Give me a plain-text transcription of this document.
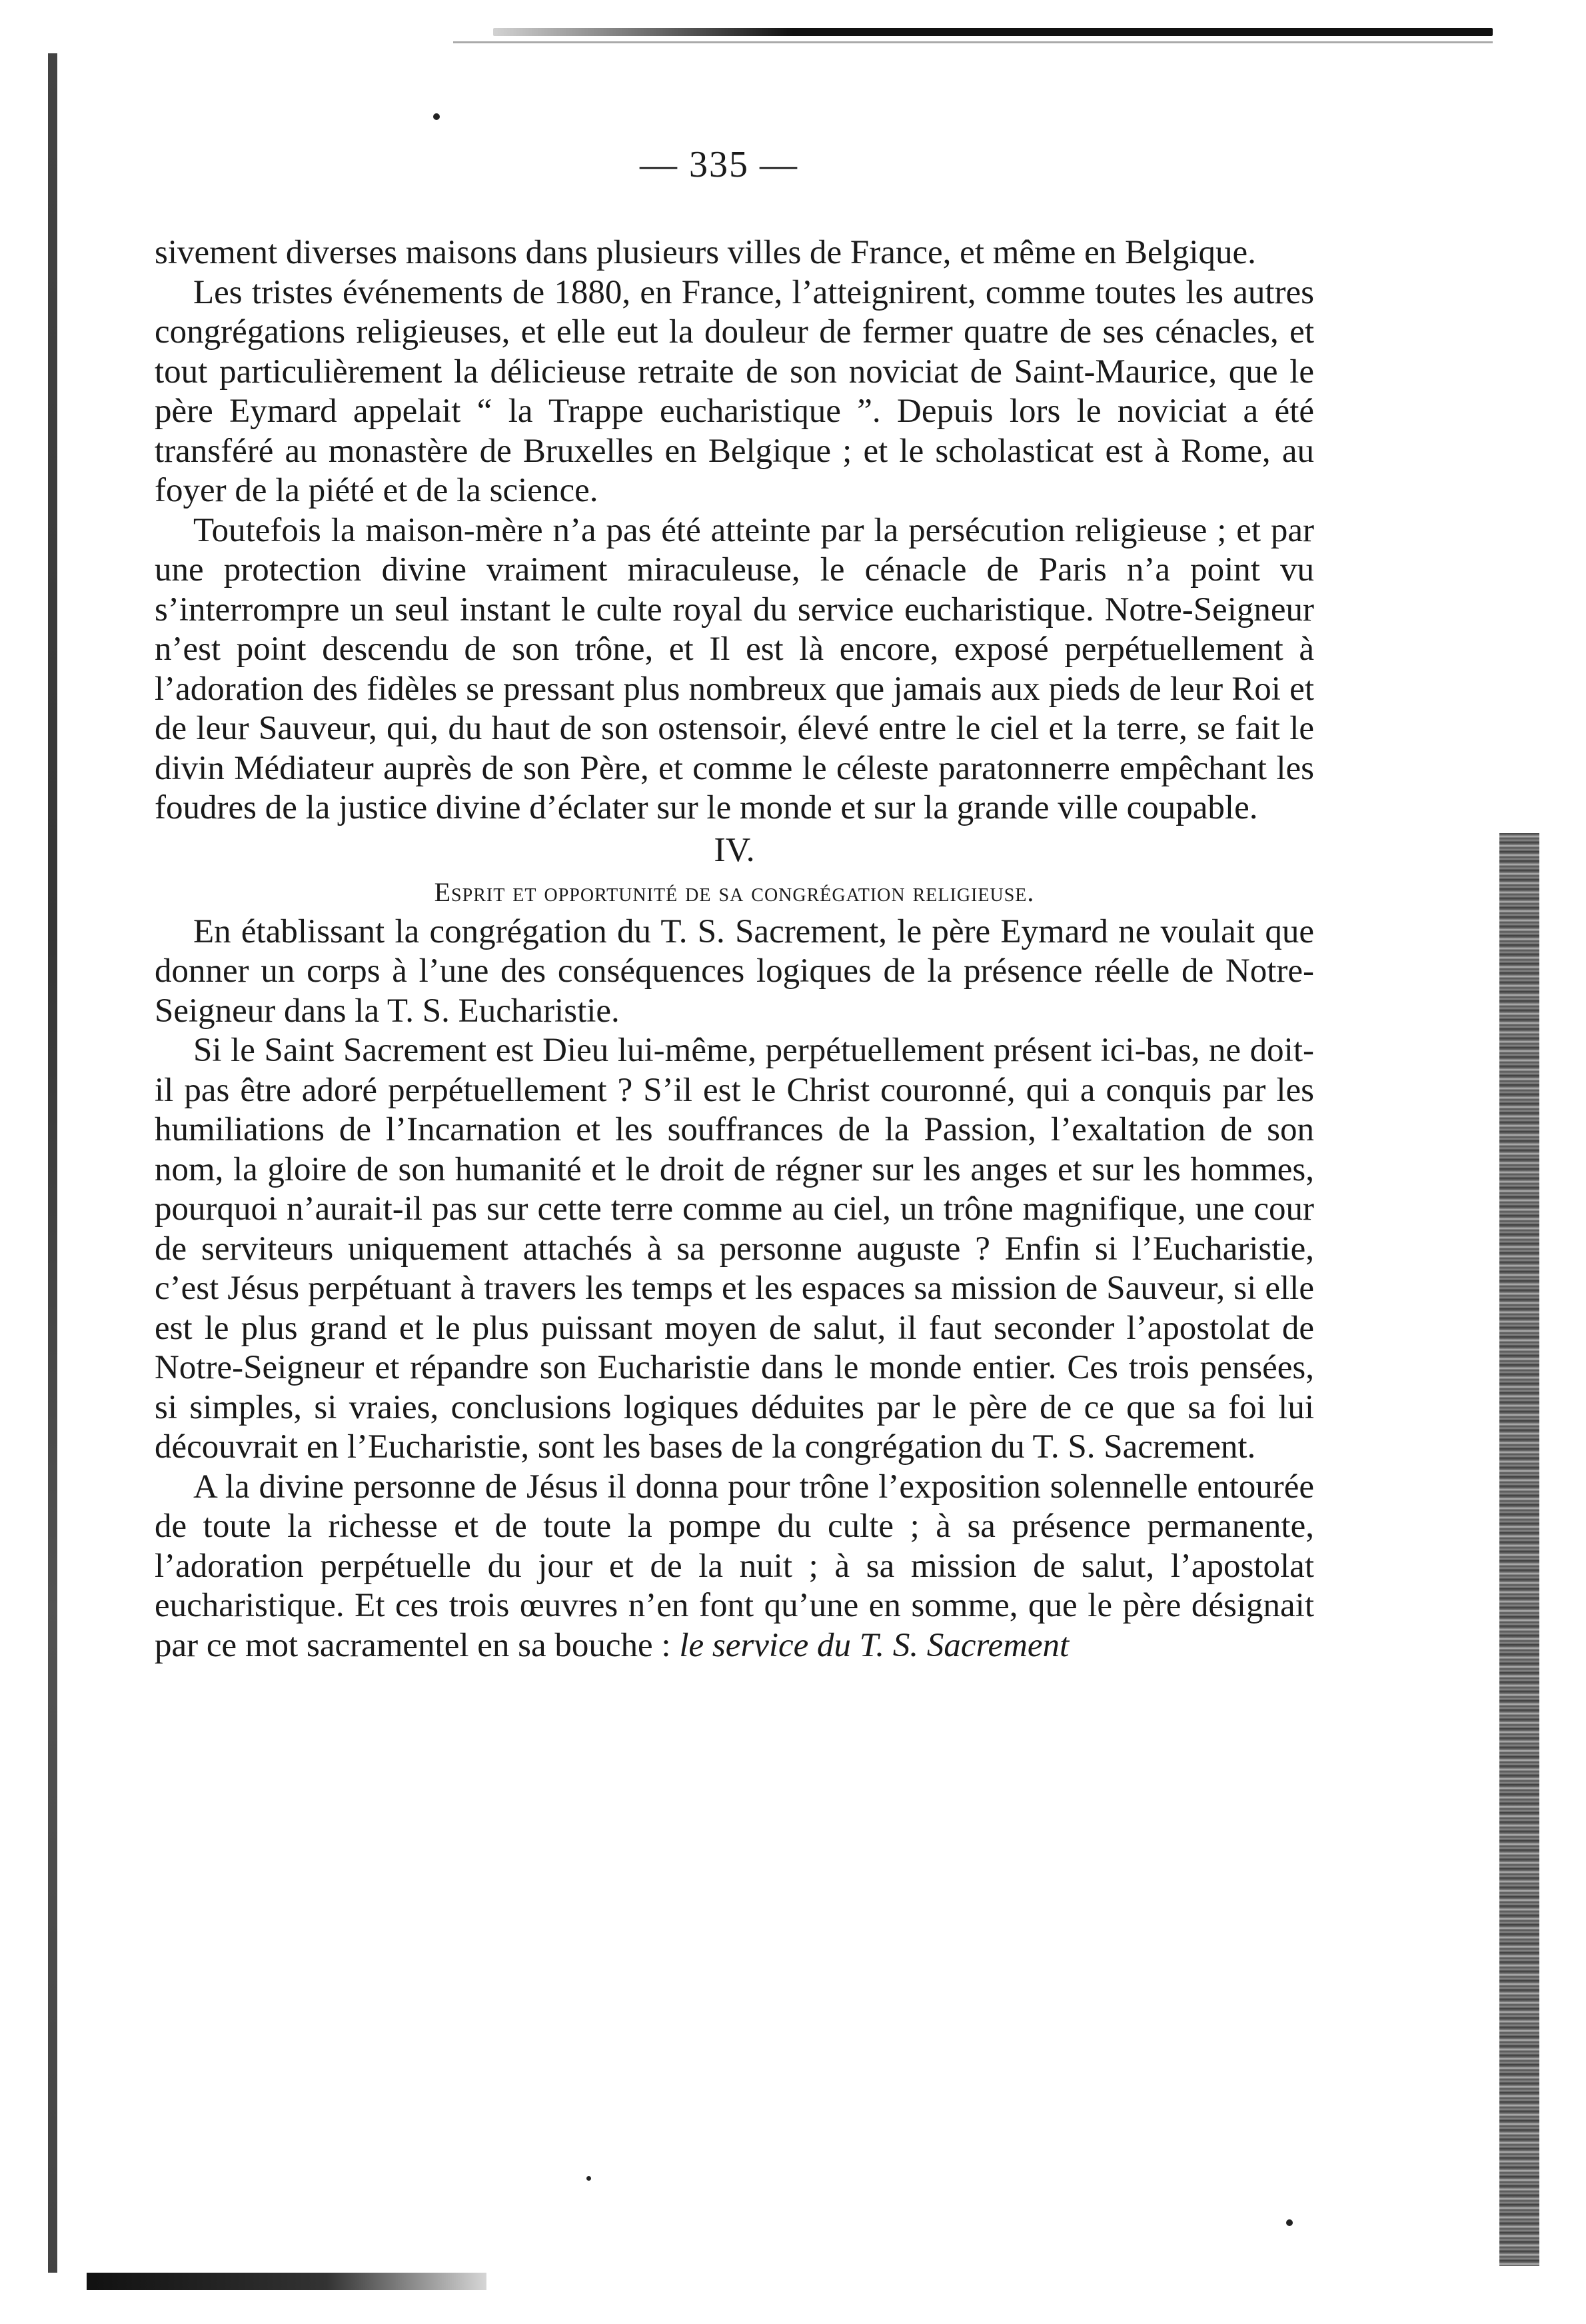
— 335 —

sivement diverses maisons dans plusieurs villes de France, et même en Belgique.

Les tristes événements de 1880, en France, l’atteignirent, comme toutes les autres congrégations religieuses, et elle eut la douleur de fermer quatre de ses cénacles, et tout particulièrement la délicieuse retraite de son noviciat de Saint-Maurice, que le père Eymard appelait “ la Trappe eucharistique ”. Depuis lors le noviciat a été transféré au monastère de Bruxelles en Belgique ; et le scholasticat est à Rome, au foyer de la piété et de la science.

Toutefois la maison-mère n’a pas été atteinte par la persécution religieuse ; et par une protection divine vraiment miraculeuse, le cénacle de Paris n’a point vu s’interrompre un seul instant le culte royal du service eucharistique. Notre-Seigneur n’est point descendu de son trône, et Il est là encore, exposé perpétuellement à l’adoration des fidèles se pressant plus nombreux que jamais aux pieds de leur Roi et de leur Sauveur, qui, du haut de son ostensoir, élevé entre le ciel et la terre, se fait le divin Médiateur auprès de son Père, et comme le céleste paratonnerre empêchant les foudres de la justice divine d’éclater sur le monde et sur la grande ville coupable.

IV.

Esprit et opportunité de sa congrégation religieuse.

En établissant la congrégation du T. S. Sacrement, le père Eymard ne voulait que donner un corps à l’une des conséquences logiques de la présence réelle de Notre-Seigneur dans la T. S. Eucharistie.

Si le Saint Sacrement est Dieu lui-même, perpétuellement présent ici-bas, ne doit-il pas être adoré perpétuellement ? S’il est le Christ couronné, qui a conquis par les humiliations de l’Incarnation et les souffrances de la Passion, l’exaltation de son nom, la gloire de son humanité et le droit de régner sur les anges et sur les hommes, pourquoi n’aurait-il pas sur cette terre comme au ciel, un trône magnifique, une cour de serviteurs uniquement attachés à sa personne auguste ? Enfin si l’Eucharistie, c’est Jésus perpétuant à travers les temps et les espaces sa mission de Sauveur, si elle est le plus grand et le plus puissant moyen de salut, il faut seconder l’apostolat de Notre-Seigneur et répandre son Eucharistie dans le monde entier. Ces trois pensées, si simples, si vraies, conclusions logiques déduites par le père de ce que sa foi lui découvrait en l’Eucharistie, sont les bases de la congrégation du T. S. Sacrement.

A la divine personne de Jésus il donna pour trône l’exposition solennelle entourée de toute la richesse et de toute la pompe du culte ; à sa présence permanente, l’adoration perpétuelle du jour et de la nuit ; à sa mission de salut, l’apostolat eucharistique. Et ces trois œuvres n’en font qu’une en somme, que le père désignait par ce mot sacramentel en sa bouche : le service du T. S. Sacrement
